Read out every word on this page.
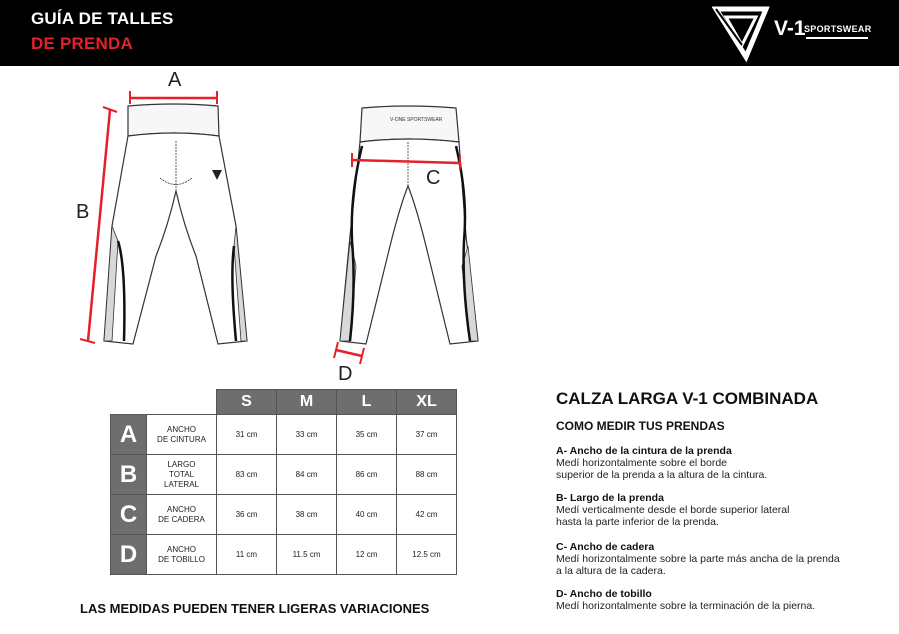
GUÍA DE TALLES
DE PRENDA
V-1
SPORTSWEAR
A
B
V-ONE SPORTSWEAR
C
D
		S	M	L	XL
A	ANCHO
DE CINTURA	31 cm	33 cm	35 cm	37 cm
B	LARGO
TOTAL
LATERAL	83 cm	84 cm	86 cm	88 cm
C	ANCHO
DE CADERA	36 cm	38 cm	40 cm	42 cm
D	ANCHO
DE TOBILLO	11 cm	11.5 cm	12 cm	12.5 cm
LAS MEDIDAS PUEDEN TENER LIGERAS VARIACIONES
CALZA LARGA V-1 COMBINADA
COMO MEDIR TUS PRENDAS
A- Ancho de la cintura de la prenda
Medí horizontalmente sobre el borde
superior de la prenda a la altura de la cintura.
B- Largo de la prenda
Medí verticalmente desde el borde superior lateral
hasta la parte inferior de la prenda.
C- Ancho de cadera
Medí horizontalmente sobre la parte más ancha de la prenda
a la altura de la cadera.
D- Ancho de tobillo
Medí horizontalmente sobre la terminación de la pierna.
